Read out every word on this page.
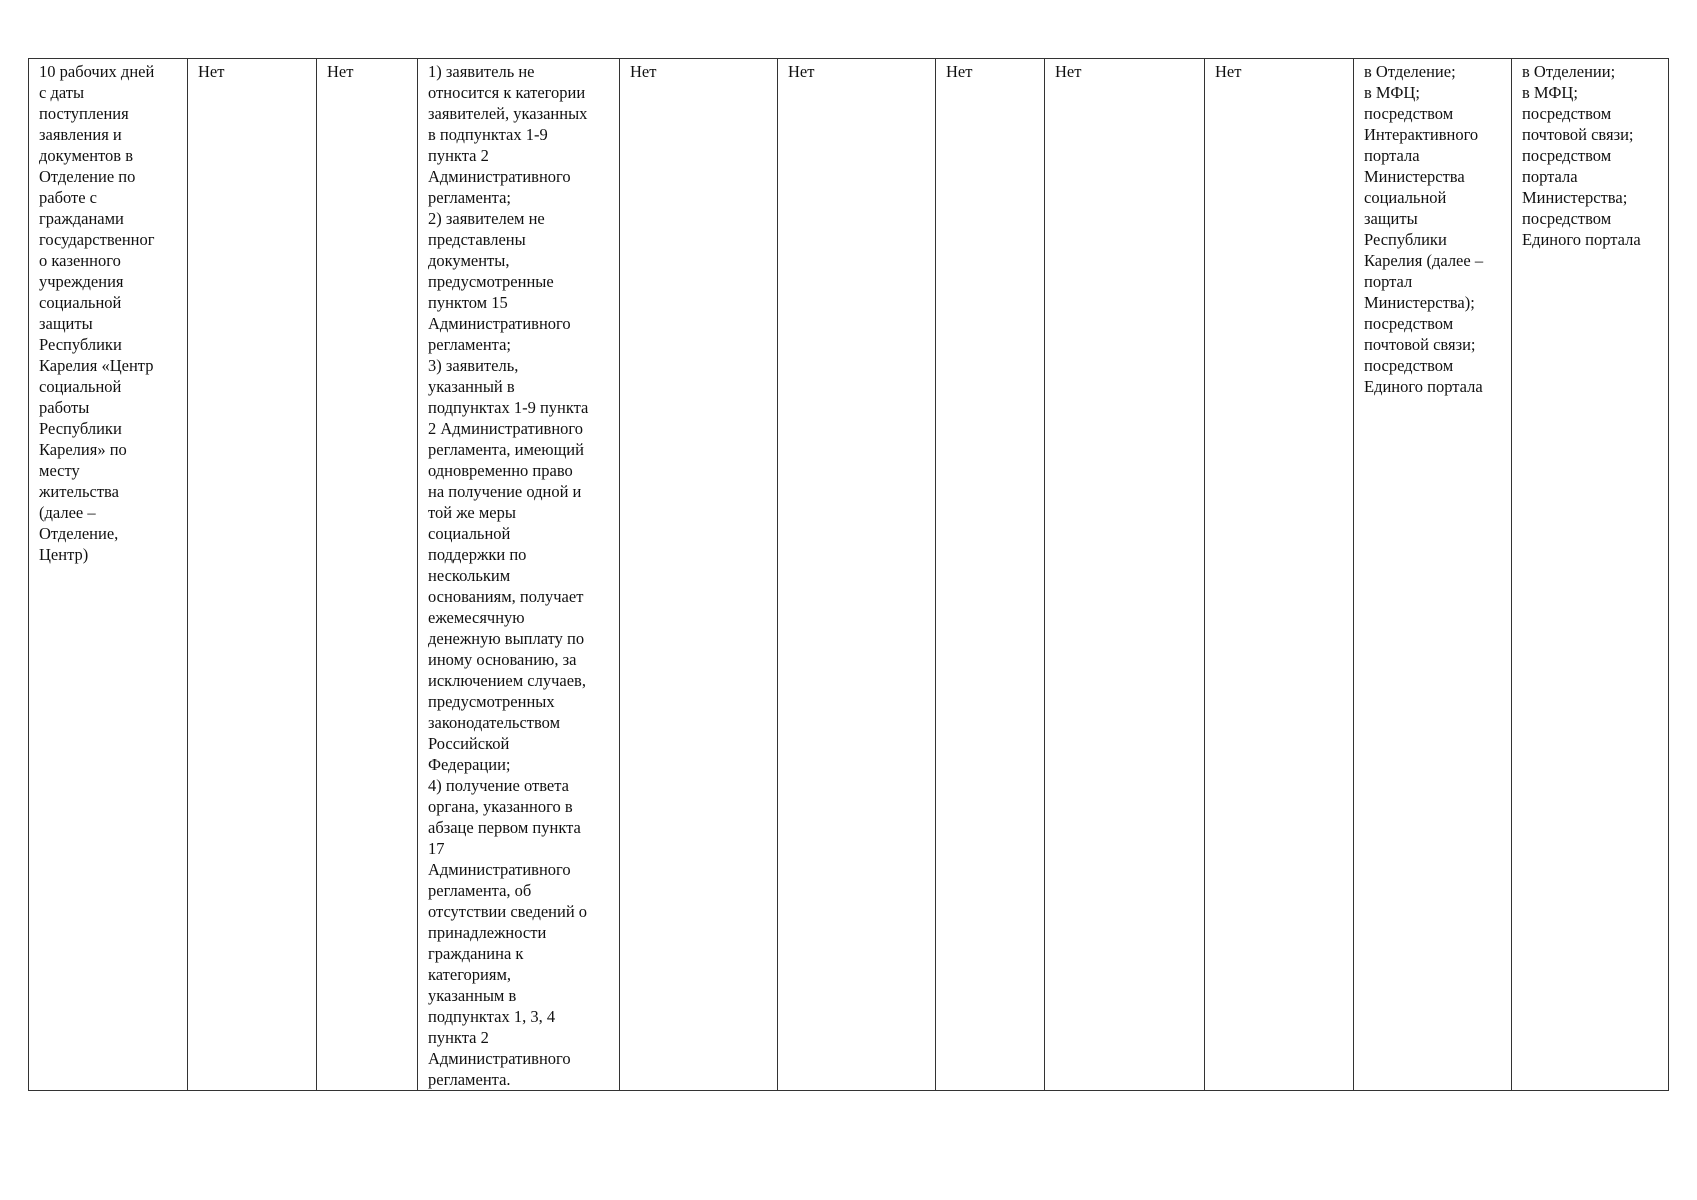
10 рабочих дней
с даты
поступления
заявления и
документов в
Отделение по
работе с
гражданами
государственног
о казенного
учреждения
социальной
защиты
Республики
Карелия «Центр
социальной
работы
Республики
Карелия» по
месту
жительства
(далее –
Отделение,
Центр)	Нет	Нет	1) заявитель не
относится к категории
заявителей, указанных
в подпунктах 1-9
пункта 2
Административного
регламента;
2) заявителем не
представлены
документы,
предусмотренные
пунктом 15
Административного
регламента;
3) заявитель,
указанный в
подпунктах 1-9 пункта
2 Административного
регламента, имеющий
одновременно право
на получение одной и
той же меры
социальной
поддержки по
нескольким
основаниям, получает
ежемесячную
денежную выплату по
иному основанию, за
исключением случаев,
предусмотренных
законодательством
Российской
Федерации;
4) получение ответа
органа, указанного в
абзаце первом пункта
17
Административного
регламента, об
отсутствии сведений о
принадлежности
гражданина к
категориям,
указанным в
подпунктах 1, 3, 4
пункта 2
Административного
регламента.	Нет	Нет	Нет	Нет	Нет	в Отделение;
в МФЦ;
посредством
Интерактивного
портала
Министерства
социальной
защиты
Республики
Карелия (далее –
портал
Министерства);
посредством
почтовой связи;
посредством
Единого портала	в Отделении;
в МФЦ;
посредством
почтовой связи;
посредством
портала
Министерства;
посредством
Единого портала
